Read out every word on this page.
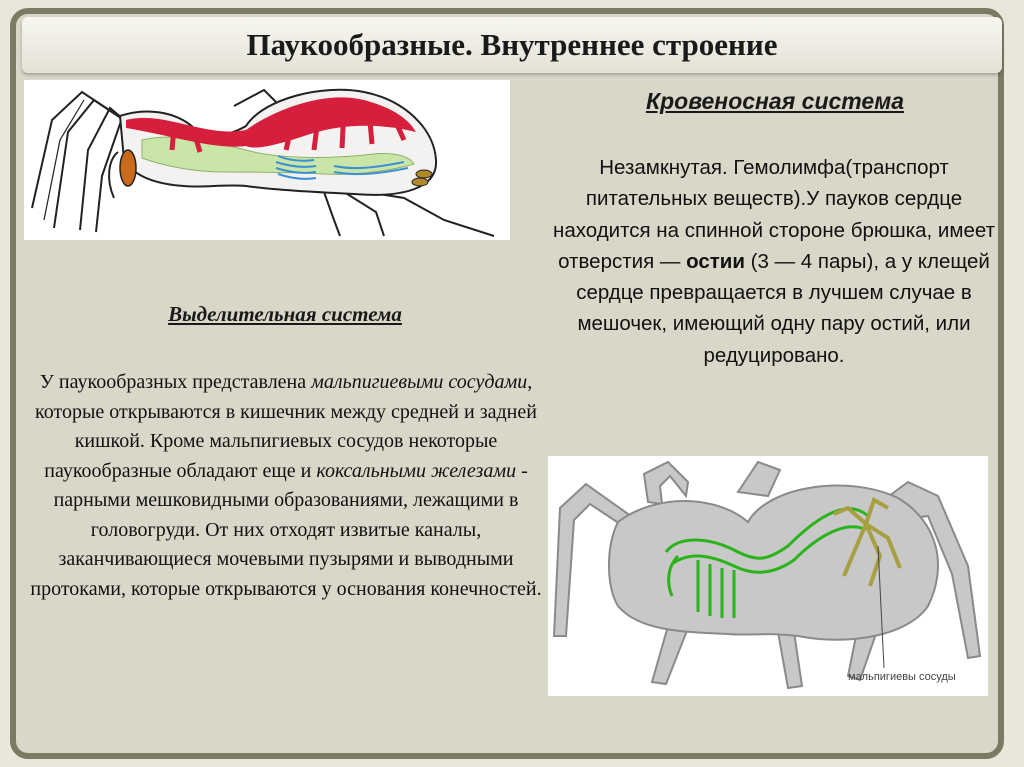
Паукообразные. Внутреннее строение
Кровеносная система
Незамкнутая. Гемолимфа(транспорт питательных веществ).У пауков сердце находится на спинной стороне брюшка, имеет отверстия — остии (3 — 4 пары), а у клещей сердце превращается в лучшем случае в мешочек, имеющий одну пару остий, или редуцировано.
Выделительная система
У паукообразных представлена мальпигиевыми сосудами, которые открываются в кишечник между средней и задней кишкой. Кроме мальпигиевых сосудов некоторые паукообразные обладают еще и коксальными железами - парными мешковидными образованиями, лежащими в головогруди. От них отходят извитые каналы, заканчивающиеся мочевыми пузырями и выводными протоками, которые открываются у основания конечностей.
мальпигиевы сосуды
